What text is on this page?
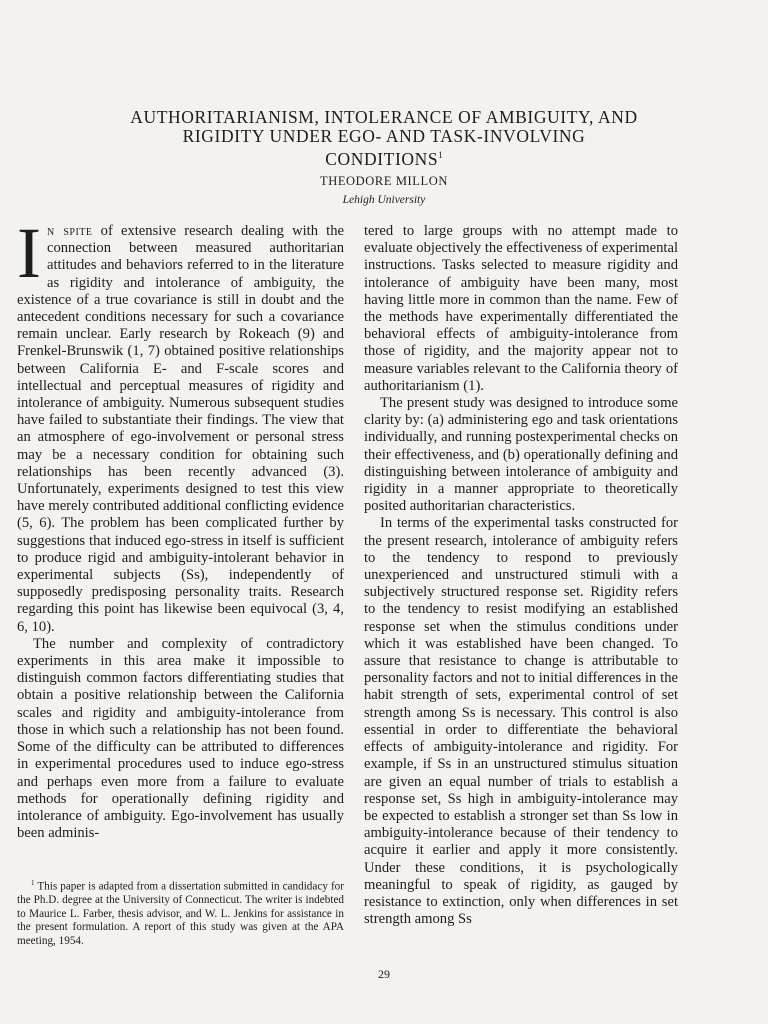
AUTHORITARIANISM, INTOLERANCE OF AMBIGUITY, AND
RIGIDITY UNDER EGO- AND TASK-INVOLVING
CONDITIONS$^1$
THEODORE MILLON
Lehigh University

In spite of extensive research dealing with the connection between measured authoritarian attitudes and behaviors referred to in the literature as rigidity and intolerance of ambiguity, the existence of a true covariance is still in doubt and the antecedent conditions necessary for such a covariance remain unclear. Early research by Rokeach (9) and Frenkel-Brunswik (1, 7) obtained positive relationships between California E- and F-scale scores and intellectual and perceptual measures of rigidity and intolerance of ambiguity. Numerous subsequent studies have failed to substantiate their findings. The view that an atmosphere of ego-involvement or personal stress may be a necessary condition for obtaining such relationships has been recently advanced (3). Unfortunately, experiments designed to test this view have merely contributed additional conflicting evidence (5, 6). The problem has been complicated further by suggestions that induced ego-stress in itself is sufficient to produce rigid and ambiguity-intolerant behavior in experimental subjects (Ss), independently of supposedly predisposing personality traits. Research regarding this point has likewise been equivocal (3, 4, 6, 10).

The number and complexity of contradictory experiments in this area make it impossible to distinguish common factors differentiating studies that obtain a positive relationship between the California scales and rigidity and ambiguity-intolerance from those in which such a relationship has not been found. Some of the difficulty can be attributed to differences in experimental procedures used to induce ego-stress and perhaps even more from a failure to evaluate methods for operationally defining rigidity and intolerance of ambiguity. Ego-involvement has usually been adminis-

$^1$ This paper is adapted from a dissertation submitted in candidacy for the Ph.D. degree at the University of Connecticut. The writer is indebted to Maurice L. Farber, thesis advisor, and W. L. Jenkins for assistance in the present formulation. A report of this study was given at the APA meeting, 1954.

tered to large groups with no attempt made to evaluate objectively the effectiveness of experimental instructions. Tasks selected to measure rigidity and intolerance of ambiguity have been many, most having little more in common than the name. Few of the methods have experimentally differentiated the behavioral effects of ambiguity-intolerance from those of rigidity, and the majority appear not to measure variables relevant to the California theory of authoritarianism (1).

The present study was designed to introduce some clarity by: (a) administering ego and task orientations individually, and running postexperimental checks on their effectiveness, and (b) operationally defining and distinguishing between intolerance of ambiguity and rigidity in a manner appropriate to theoretically posited authoritarian characteristics.

In terms of the experimental tasks constructed for the present research, intolerance of ambiguity refers to the tendency to respond to previously unexperienced and unstructured stimuli with a subjectively structured response set. Rigidity refers to the tendency to resist modifying an established response set when the stimulus conditions under which it was established have been changed. To assure that resistance to change is attributable to personality factors and not to initial differences in the habit strength of sets, experimental control of set strength among Ss is necessary. This control is also essential in order to differentiate the behavioral effects of ambiguity-intolerance and rigidity. For example, if Ss in an unstructured stimulus situation are given an equal number of trials to establish a response set, Ss high in ambiguity-intolerance may be expected to establish a stronger set than Ss low in ambiguity-intolerance because of their tendency to acquire it earlier and apply it more consistently. Under these conditions, it is psychologically meaningful to speak of rigidity, as gauged by resistance to extinction, only when differences in set strength among Ss

29
